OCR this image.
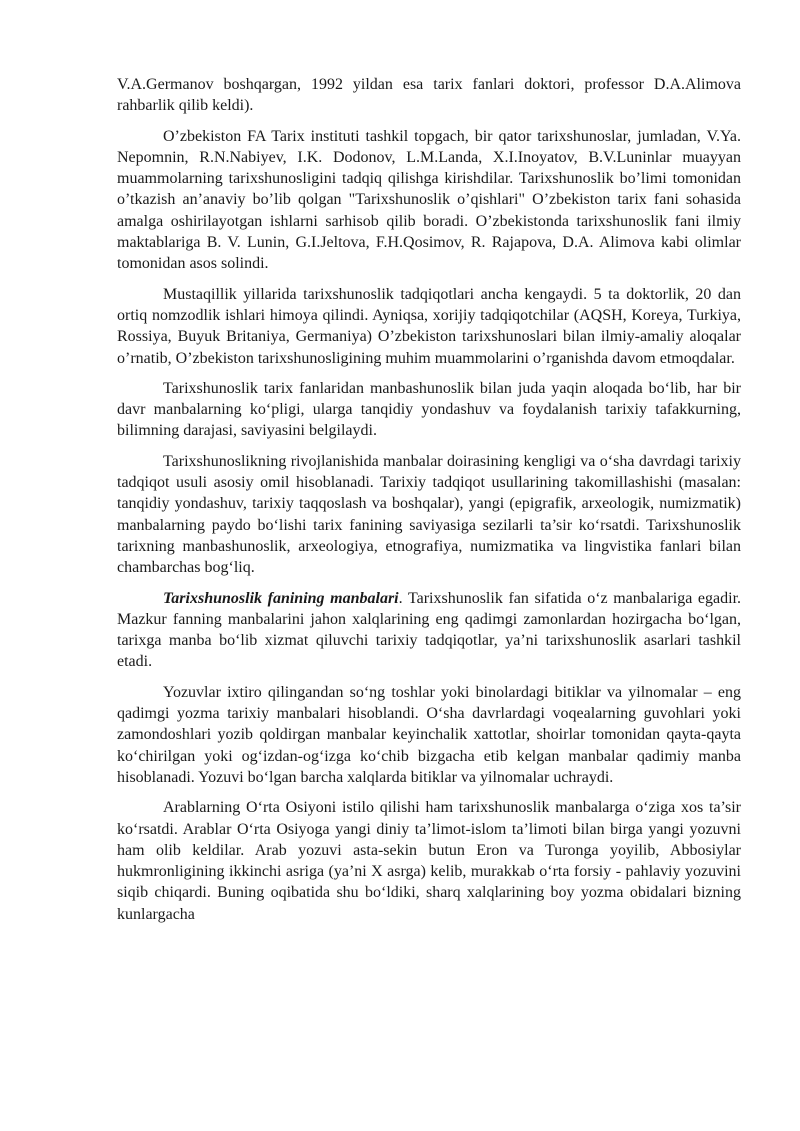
V.A.Germanov boshqargan, 1992 yildan esa tarix fanlari doktori, professor D.A.Alimova rahbarlik qilib keldi).

O’zbekiston FA Tarix instituti tashkil topgach, bir qator tarixshunoslar, jumladan, V.Ya. Nepomnin, R.N.Nabiyev, I.K. Dodonov, L.M.Landa, X.I.Inoyatov, B.V.Luninlar muayyan muammolarning tarixshunosligini tadqiq qilishga kirishdilar. Tarixshunoslik bo’limi tomonidan o’tkazish an’anaviy bo’lib qolgan "Tarixshunoslik o’qishlari" O’zbekiston tarix fani sohasida amalga oshirilayotgan ishlarni sarhisob qilib boradi. O’zbekistonda tarixshunoslik fani ilmiy maktablariga B. V. Lunin, G.I.Jeltova, F.H.Qosimov, R. Rajapova, D.A. Alimova kabi olimlar tomonidan asos solindi.

Mustaqillik yillarida tarixshunoslik tadqiqotlari ancha kengaydi. 5 ta doktorlik, 20 dan ortiq nomzodlik ishlari himoya qilindi. Ayniqsa, xorijiy tadqiqotchilar (AQSH, Koreya, Turkiya, Rossiya, Buyuk Britaniya, Germaniya) O’zbekiston tarixshunoslari bilan ilmiy-amaliy aloqalar o’rnatib, O’zbekiston tarixshunosligining muhim muammolarini o’rganishda davom etmoqdalar.

Tarixshunoslik tarix fanlaridan manbashunoslik bilan juda yaqin aloqada bo‘lib, har bir davr manbalarning ko‘pligi, ularga tanqidiy yondashuv va foydalanish tarixiy tafakkurning, bilimning darajasi, saviyasini belgilaydi.

Tarixshunoslikning rivojlanishida manbalar doirasining kengligi va o‘sha davrdagi tarixiy tadqiqot usuli asosiy omil hisoblanadi. Tarixiy tadqiqot usullarining takomillashishi (masalan: tanqidiy yondashuv, tarixiy taqqoslash va boshqalar), yangi (epigrafik, arxeologik, numizmatik) manbalarning paydo bo‘lishi tarix fanining saviyasiga sezilarli ta’sir ko‘rsatdi. Tarixshunoslik tarixning manbashunoslik, arxeologiya, etnografiya, numizmatika va lingvistika fanlari bilan chambarchas bog‘liq.

Tarixshunoslik fanining manbalari. Tarixshunoslik fan sifatida o‘z manbalariga egadir. Mazkur fanning manbalarini jahon xalqlarining eng qadimgi zamonlardan hozirgacha bo‘lgan, tarixga manba bo‘lib xizmat qiluvchi tarixiy tadqiqotlar, ya’ni tarixshunoslik asarlari tashkil etadi.

Yozuvlar ixtiro qilingandan so‘ng toshlar yoki binolardagi bitiklar va yilnomalar – eng qadimgi yozma tarixiy manbalari hisoblandi. O‘sha davrlardagi voqealarning guvohlari yoki zamondoshlari yozib qoldirgan manbalar keyinchalik xattotlar, shoirlar tomonidan qayta-qayta ko‘chirilgan yoki og‘izdan-og‘izga ko‘chib bizgacha etib kelgan manbalar qadimiy manba hisoblanadi. Yozuvi bo‘lgan barcha xalqlarda bitiklar va yilnomalar uchraydi.

Arablarning O‘rta Osiyoni istilo qilishi ham tarixshunoslik manbalarga o‘ziga xos ta’sir ko‘rsatdi. Arablar O‘rta Osiyoga yangi diniy ta’limot-islom ta’limoti bilan birga yangi yozuvni ham olib keldilar. Arab yozuvi asta-sekin butun Eron va Turonga yoyilib, Abbosiylar hukmronligining ikkinchi asriga (ya’ni X asrga) kelib, murakkab o‘rta forsiy - pahlaviy yozuvini siqib chiqardi. Buning oqibatida shu bo‘ldiki, sharq xalqlarining boy yozma obidalari bizning kunlargacha
